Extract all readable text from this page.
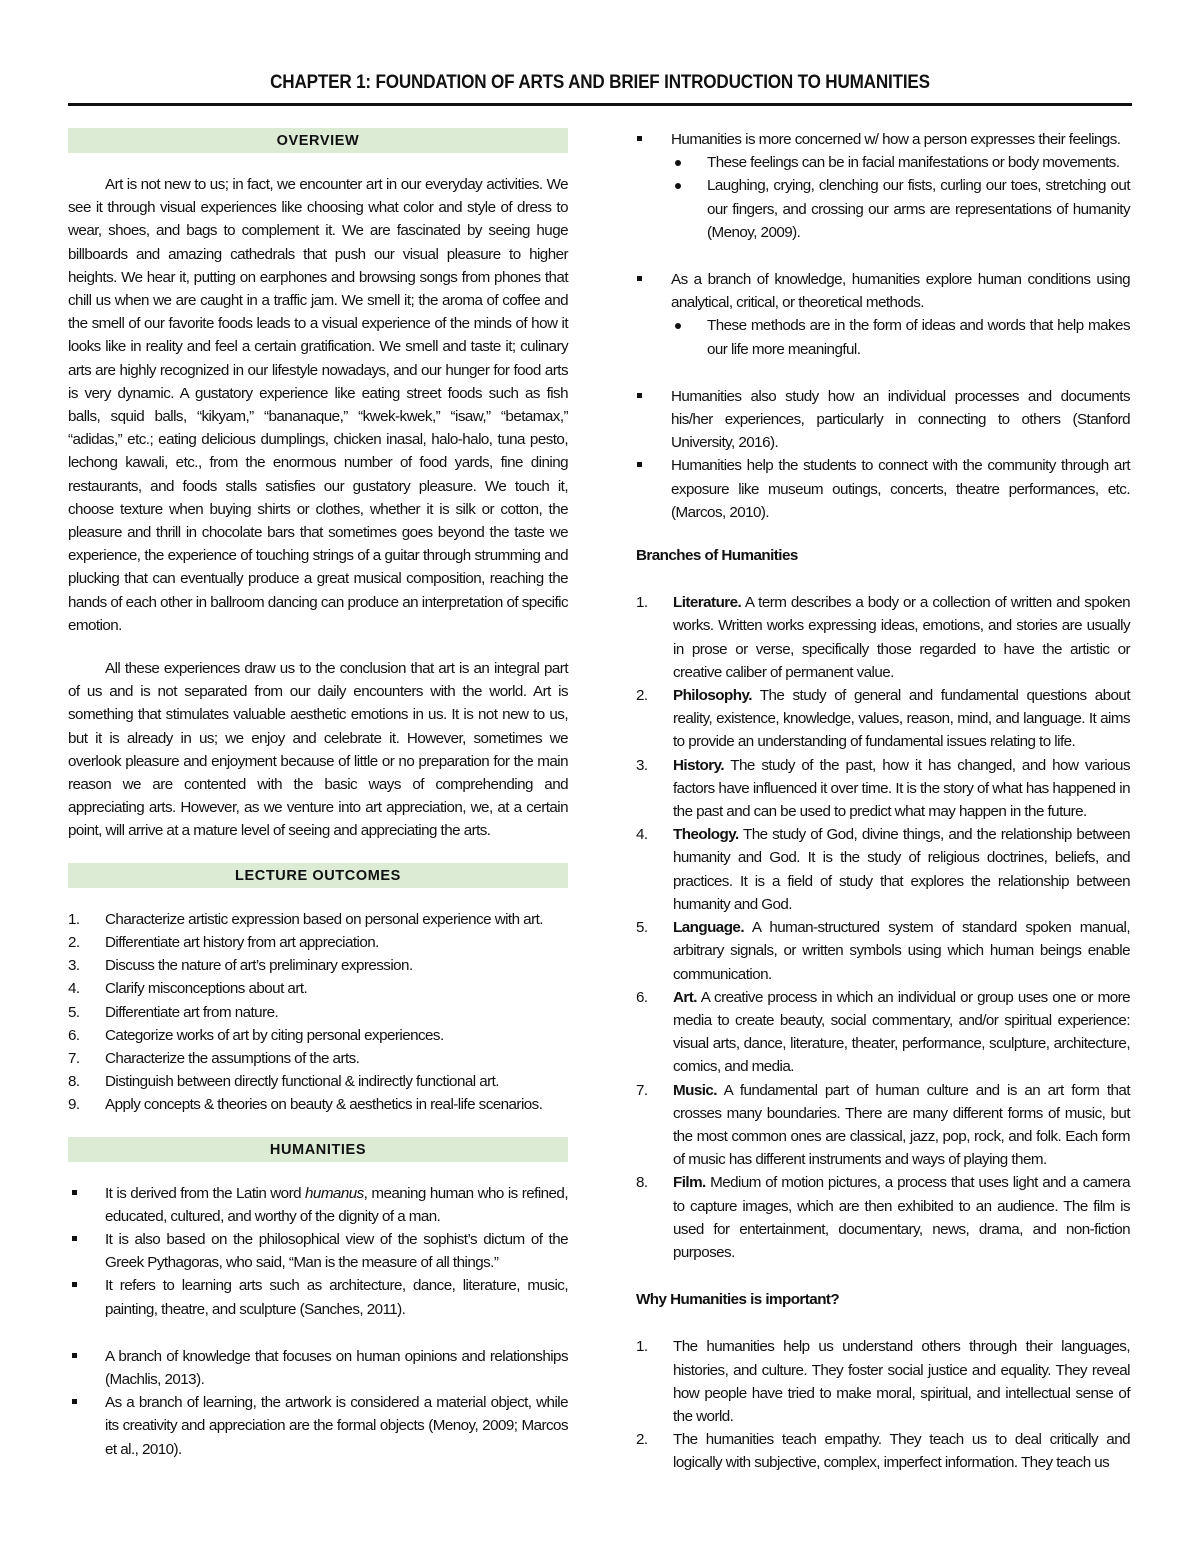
CHAPTER 1: FOUNDATION OF ARTS AND BRIEF INTRODUCTION TO HUMANITIES
OVERVIEW

Art is not new to us; in fact, we encounter art in our everyday activities. We see it through visual experiences like choosing what color and style of dress to wear, shoes, and bags to complement it. We are fascinated by seeing huge billboards and amazing cathedrals that push our visual pleasure to higher heights. We hear it, putting on earphones and browsing songs from phones that chill us when we are caught in a traffic jam. We smell it; the aroma of coffee and the smell of our favorite foods leads to a visual experience of the minds of how it looks like in reality and feel a certain gratification. We smell and taste it; culinary arts are highly recognized in our lifestyle nowadays, and our hunger for food arts is very dynamic. A gustatory experience like eating street foods such as fish balls, squid balls, “kikyam,” “bananaque,” “kwek-kwek,” “isaw,” “betamax,” “adidas,” etc.; eating delicious dumplings, chicken inasal, halo-halo, tuna pesto, lechong kawali, etc., from the enormous number of food yards, fine dining restaurants, and foods stalls satisfies our gustatory pleasure. We touch it, choose texture when buying shirts or clothes, whether it is silk or cotton, the pleasure and thrill in chocolate bars that sometimes goes beyond the taste we experience, the experience of touching strings of a guitar through strumming and plucking that can eventually produce a great musical composition, reaching the hands of each other in ballroom dancing can produce an interpretation of specific emotion.

All these experiences draw us to the conclusion that art is an integral part of us and is not separated from our daily encounters with the world. Art is something that stimulates valuable aesthetic emotions in us. It is not new to us, but it is already in us; we enjoy and celebrate it. However, sometimes we overlook pleasure and enjoyment because of little or no preparation for the main reason we are contented with the basic ways of comprehending and appreciating arts. However, as we venture into art appreciation, we, at a certain point, will arrive at a mature level of seeing and appreciating the arts.

LECTURE OUTCOMES
1. Characterize artistic expression based on personal experience with art.
2. Differentiate art history from art appreciation.
3. Discuss the nature of art’s preliminary expression.
4. Clarify misconceptions about art.
5. Differentiate art from nature.
6. Categorize works of art by citing personal experiences.
7. Characterize the assumptions of the arts.
8. Distinguish between directly functional & indirectly functional art.
9. Apply concepts & theories on beauty & aesthetics in real-life scenarios.
HUMANITIES
It is derived from the Latin word humanus, meaning human who is refined, educated, cultured, and worthy of the dignity of a man.
It is also based on the philosophical view of the sophist’s dictum of the Greek Pythagoras, who said, “Man is the measure of all things.”
It refers to learning arts such as architecture, dance, literature, music, painting, theatre, and sculpture (Sanches, 2011).
A branch of knowledge that focuses on human opinions and relationships (Machlis, 2013).
As a branch of learning, the artwork is considered a material object, while its creativity and appreciation are the formal objects (Menoy, 2009; Marcos et al., 2010).
Humanities is more concerned w/ how a person expresses their feelings.
These feelings can be in facial manifestations or body movements.
Laughing, crying, clenching our fists, curling our toes, stretching out our fingers, and crossing our arms are representations of humanity (Menoy, 2009).
As a branch of knowledge, humanities explore human conditions using analytical, critical, or theoretical methods.
These methods are in the form of ideas and words that help makes our life more meaningful.
Humanities also study how an individual processes and documents his/her experiences, particularly in connecting to others (Stanford University, 2016).
Humanities help the students to connect with the community through art exposure like museum outings, concerts, theatre performances, etc. (Marcos, 2010).

Branches of Humanities

1. Literature. A term describes a body or a collection of written and spoken works. Written works expressing ideas, emotions, and stories are usually in prose or verse, specifically those regarded to have the artistic or creative caliber of permanent value.
2. Philosophy. The study of general and fundamental questions about reality, existence, knowledge, values, reason, mind, and language. It aims to provide an understanding of fundamental issues relating to life.
3. History. The study of the past, how it has changed, and how various factors have influenced it over time. It is the story of what has happened in the past and can be used to predict what may happen in the future.
4. Theology. The study of God, divine things, and the relationship between humanity and God. It is the study of religious doctrines, beliefs, and practices. It is a field of study that explores the relationship between humanity and God.
5. Language. A human-structured system of standard spoken manual, arbitrary signals, or written symbols using which human beings enable communication.
6. Art. A creative process in which an individual or group uses one or more media to create beauty, social commentary, and/or spiritual experience: visual arts, dance, literature, theater, performance, sculpture, architecture, comics, and media.
7. Music. A fundamental part of human culture and is an art form that crosses many boundaries. There are many different forms of music, but the most common ones are classical, jazz, pop, rock, and folk. Each form of music has different instruments and ways of playing them.
8. Film. Medium of motion pictures, a process that uses light and a camera to capture images, which are then exhibited to an audience. The film is used for entertainment, documentary, news, drama, and non-fiction purposes.

Why Humanities is important?

1. The humanities help us understand others through their languages, histories, and culture. They foster social justice and equality. They reveal how people have tried to make moral, spiritual, and intellectual sense of the world.
2. The humanities teach empathy. They teach us to deal critically and logically with subjective, complex, imperfect information. They teach us
